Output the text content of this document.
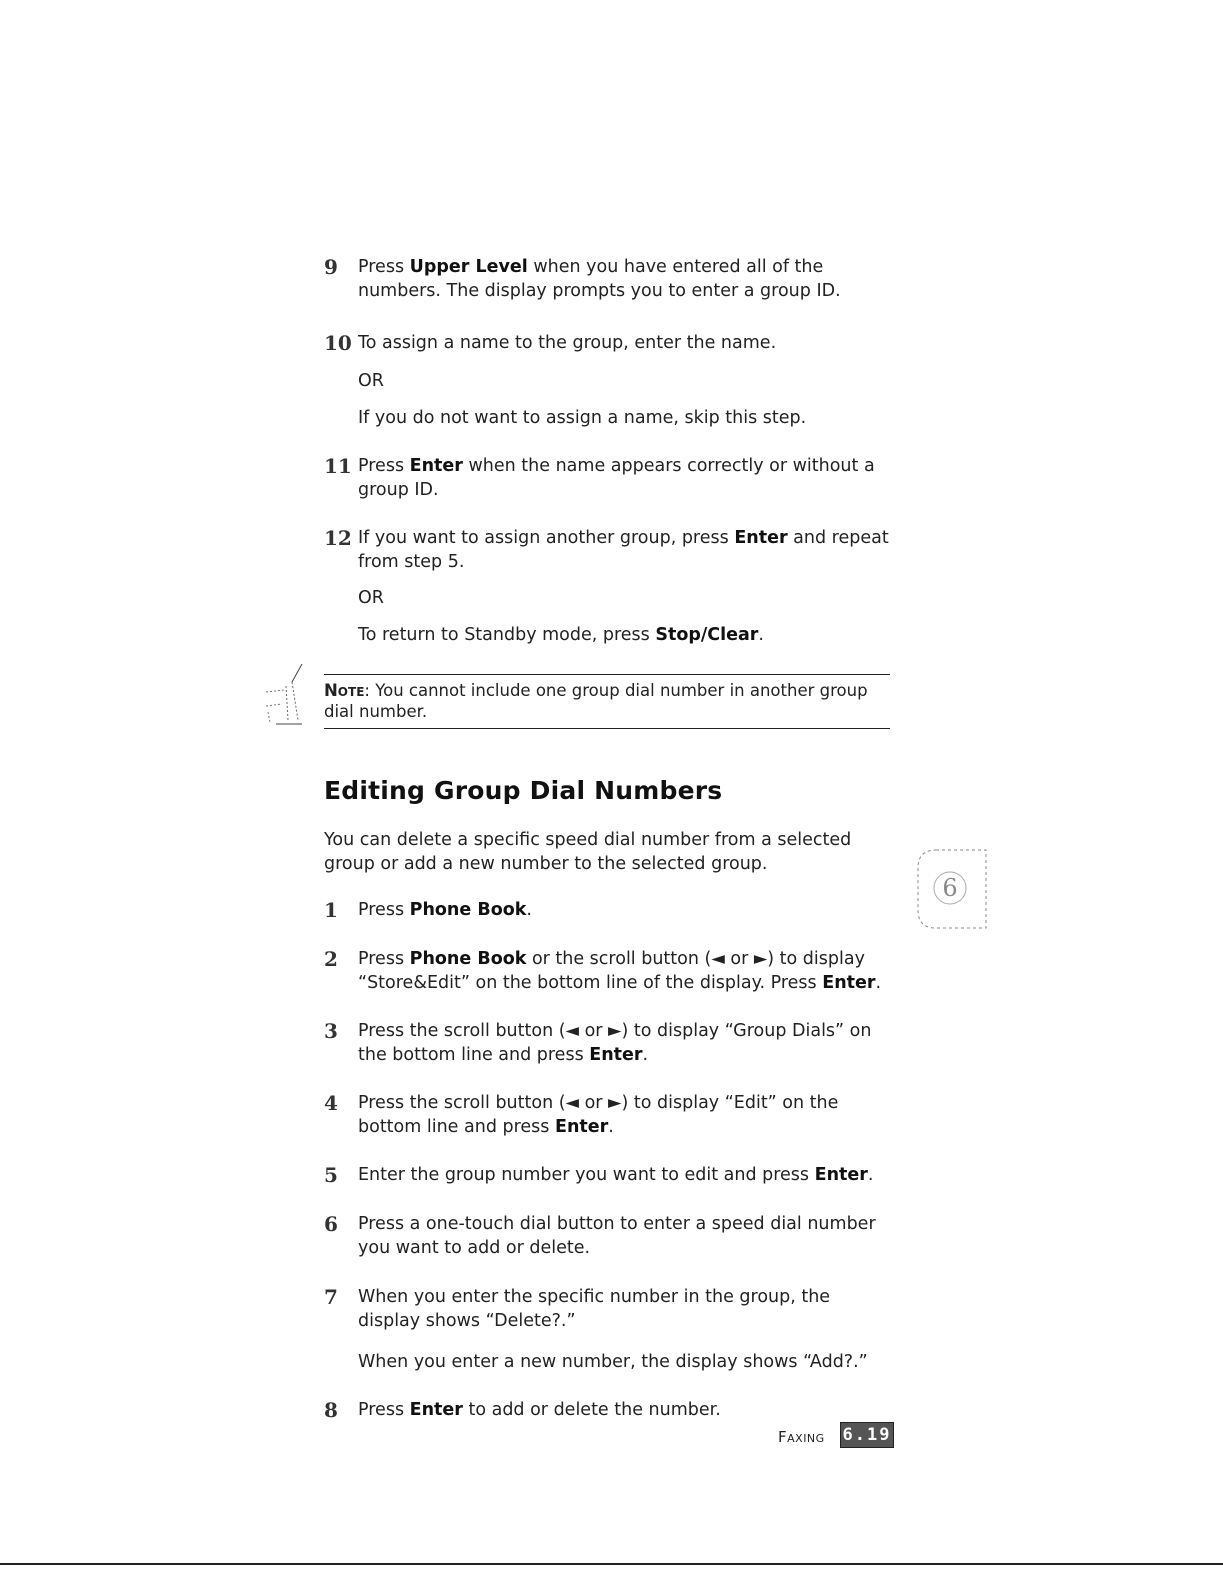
9 Press Upper Level when you have entered all of the numbers. The display prompts you to enter a group ID.
10 To assign a name to the group, enter the name.
OR
If you do not want to assign a name, skip this step.
11 Press Enter when the name appears correctly or without a group ID.
12 If you want to assign another group, press Enter and repeat from step 5.
OR
To return to Standby mode, press Stop/Clear.
Note: You cannot include one group dial number in another group dial number.
Editing Group Dial Numbers
You can delete a specific speed dial number from a selected group or add a new number to the selected group.
1 Press Phone Book.
2 Press Phone Book or the scroll button (◄ or ►) to display “Store&Edit” on the bottom line of the display. Press Enter.
3 Press the scroll button (◄ or ►) to display “Group Dials” on the bottom line and press Enter.
4 Press the scroll button (◄ or ►) to display “Edit” on the bottom line and press Enter.
5 Enter the group number you want to edit and press Enter.
6 Press a one-touch dial button to enter a speed dial number you want to add or delete.
7 When you enter the specific number in the group, the display shows “Delete?.”
When you enter a new number, the display shows “Add?.”
8 Press Enter to add or delete the number.
6
Faxing 6.19
